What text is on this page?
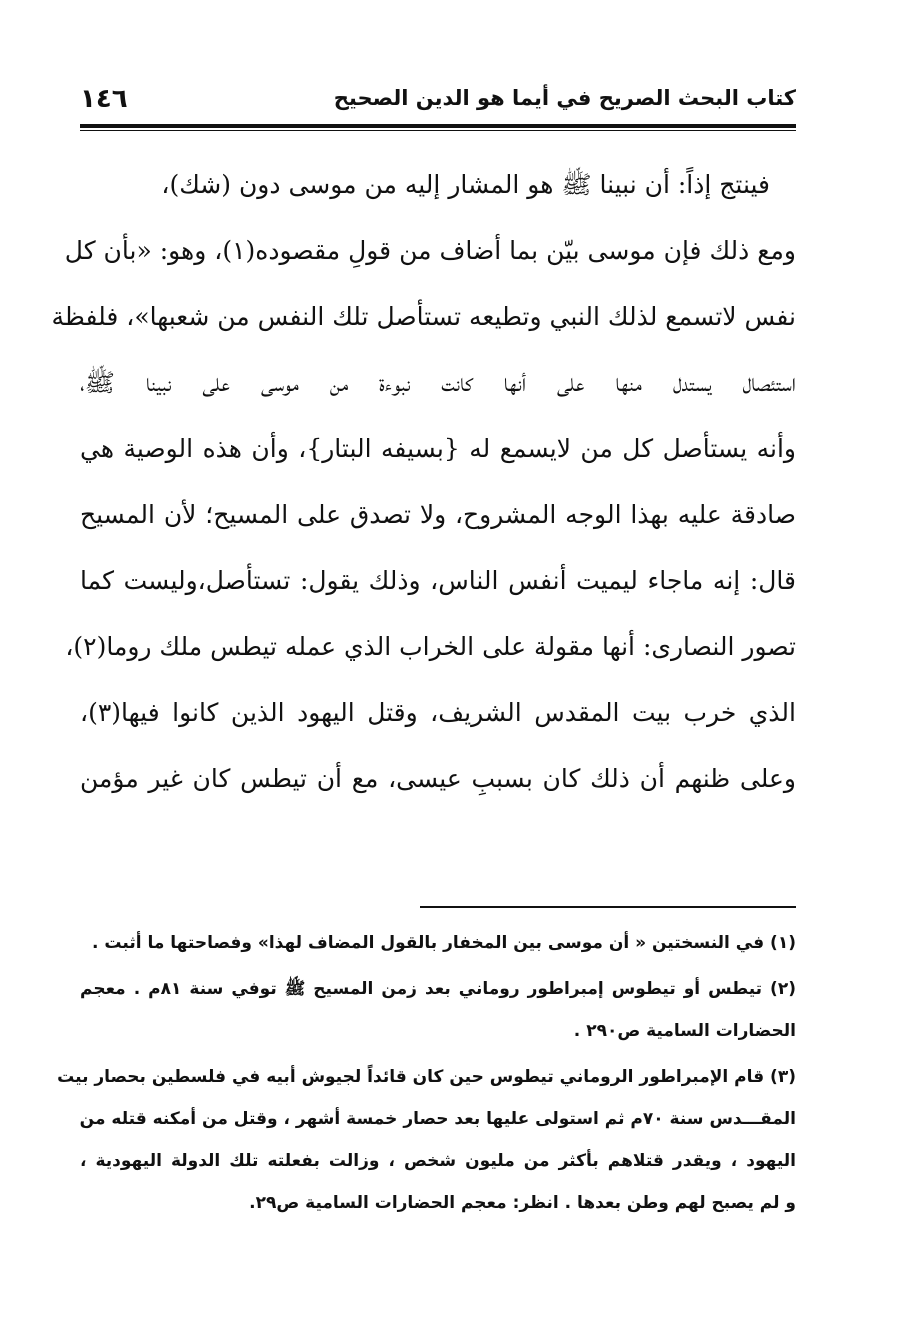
كتاب البحث الصريح في أيما هو الدين الصحيح
١٤٦
فينتج إذاً: أن نبينا ﷺ هو المشار إليه من موسى دون (شك)،
ومع ذلك فإن موسى بيّن بما أضاف من قولِ مقصوده(١)، وهو: «بأن كل
نفس لاتسمع لذلك النبي وتطيعه تستأصل تلك النفس من شعبها»، فلفظة
استئصال يستدل منها على أنها كانت نبوءة من موسى على نبينا ﷺ،
وأنه يستأصل كل من لايسمع له {بسيفه البتار}، وأن هذه الوصية هي
صادقة عليه بهذا الوجه المشروح، ولا تصدق على المسيح؛ لأن المسيح
قال: إنه ماجاء ليميت أنفس الناس، وذلك يقول: تستأصل،وليست كما
تصور النصارى: أنها مقولة على الخراب الذي عمله تيطس ملك روما(٢)،
الذي خرب بيت المقدس الشريف، وقتل اليهود الذين كانوا فيها(٣)،
وعلى ظنهم أن ذلك كان بسببِ عيسى، مع أن تيطس كان غير مؤمن
(١) في النسختين « أن موسى بين المخفار بالقول المضاف لهذا» وفصاحتها ما أثبت .
(٢) تيطس أو تيطوس إمبراطور روماني بعد زمن المسيح ﷺ توفي سنة ٨١م . معجم
الحضارات السامية ص٢٩٠ .
(٣) قام الإمبراطور الروماني تيطوس حين كان قائداً لجيوش أبيه في فلسطين بحصار بيت
المقـــدس سنة ٧٠م ثم استولى عليها بعد حصار خمسة أشهر ، وقتل من أمكنه قتله من
اليهود ، ويقدر قتلاهم بأكثر من مليون شخص ، وزالت بفعلته تلك الدولة اليهودية ،
و لم يصبح لهم وطن بعدها . انظر: معجم الحضارات السامية ص٢٩.
